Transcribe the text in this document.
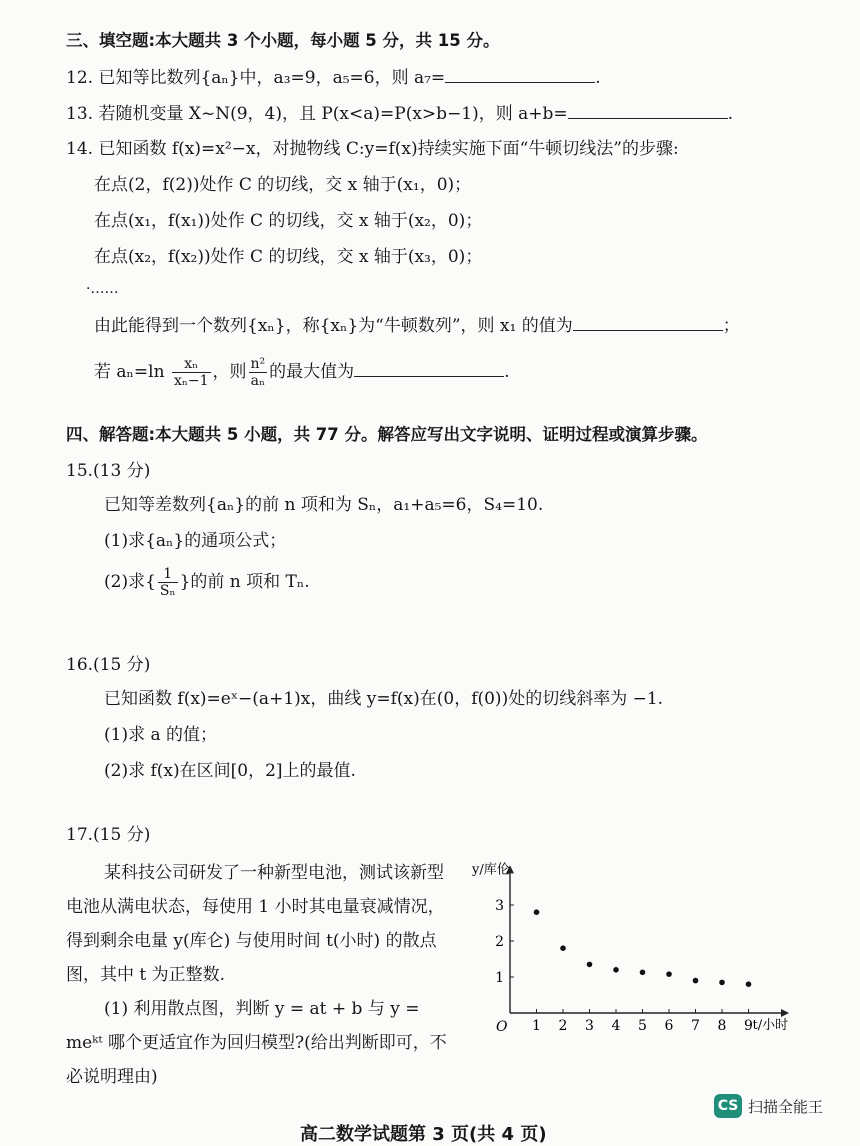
三、填空题:本大题共 3 个小题，每小题 5 分，共 15 分。
12. 已知等比数列{aₙ}中，a₃=9，a₅=6，则 a₇=	.
13. 若随机变量 X~N(9，4)，且 P(x<a)=P(x>b−1)，则 a+b=	.
14. 已知函数 f(x)=x²−x，对抛物线 C:y=f(x)持续实施下面“牛顿切线法”的步骤:
在点(2，f(2))处作 C 的切线，交 x 轴于(x₁，0)；
在点(x₁，f(x₁))处作 C 的切线，交 x 轴于(x₂，0)；
在点(x₂，f(x₂))处作 C 的切线，交 x 轴于(x₃，0)；
·……
由此能得到一个数列{xₙ}，称{xₙ}为“牛顿数列”，则 x₁ 的值为	；
若 $a_n=\ln \frac{\text{xₙ}}{\text{xₙ−1}}$ ，则 $\frac{\text{n²}}{\text{aₙ}}$ 的最大值为	.
四、解答题:本大题共 5 小题，共 77 分。解答应写出文字说明、证明过程或演算步骤。
15.(13 分)
已知等差数列{aₙ}的前 n 项和为 Sₙ，a₁+a₅=6，S₄=10.
(1)求{aₙ}的通项公式；
(2)求{ $\frac{1}{\text{Sₙ}}$ }的前 n 项和 Tₙ.
16.(15 分)
已知函数 f(x)=eˣ−(a+1)x，曲线 y=f(x)在(0，f(0))处的切线斜率为 −1.
(1)求 a 的值；
(2)求 f(x)在区间[0，2]上的最值.
17.(15 分)
某科技公司研发了一种新型电池，测试该新型电池从满电状态，每使用 1 小时其电量衰减情况，得到剩余电量 y(库仑) 与使用时间 t(小时) 的散点图，其中 t 为正整数.
(1) 利用散点图，判断 y = at + b 与 y = meᵏᵗ 哪个更适宜作为回归模型?(给出判断即可，不必说明理由)
1 2 3 4 5 6 7 8 9
1
2
3
y/库伦
t/小时
O
高二数学试题第 3 页(共 4 页)
CS 扫描全能王
